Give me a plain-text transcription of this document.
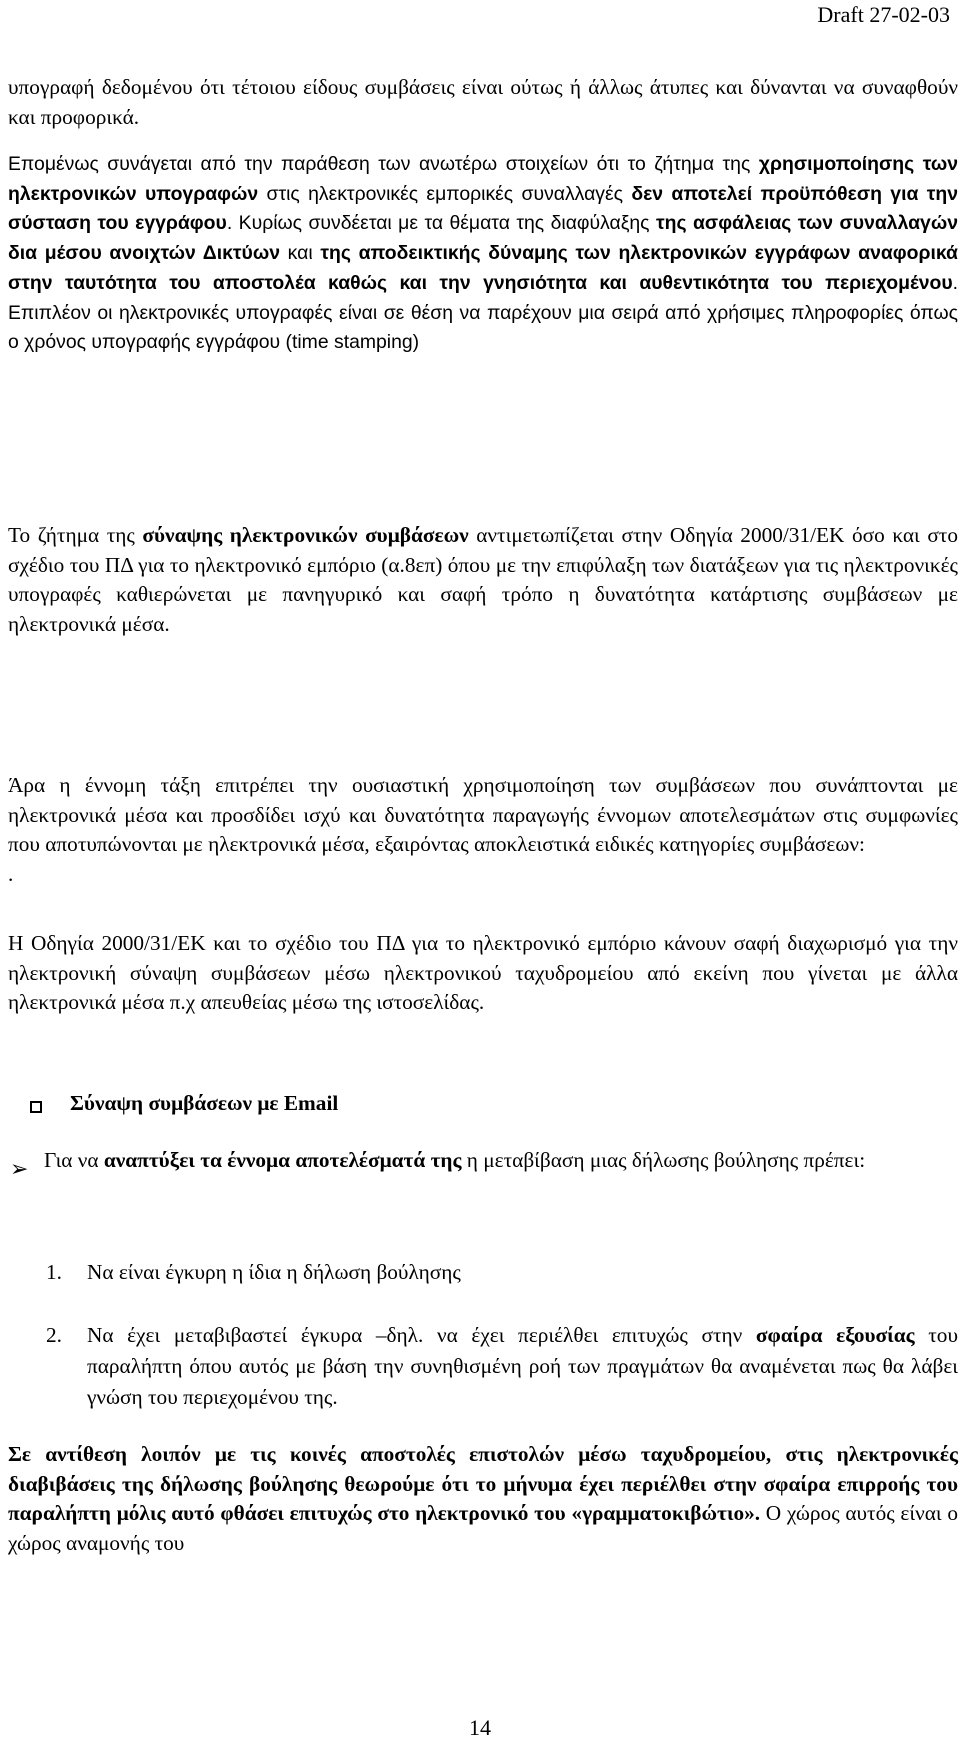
Draft 27-02-03

υπογραφή δεδομένου ότι τέτοιου είδους συμβάσεις είναι ούτως ή άλλως άτυπες και δύνανται να συναφθούν και προφορικά.

Επομένως συνάγεται από την παράθεση των ανωτέρω στοιχείων ότι το ζήτημα της χρησιμοποίησης των ηλεκτρονικών υπογραφών στις ηλεκτρονικές εμπορικές συναλλαγές δεν αποτελεί προϋπόθεση για την σύσταση του εγγράφου. Κυρίως συνδέεται με τα θέματα της διαφύλαξης της ασφάλειας των συναλλαγών δια μέσου ανοιχτών Δικτύων και της αποδεικτικής δύναμης των ηλεκτρονικών εγγράφων αναφορικά στην ταυτότητα του αποστολέα καθώς και την γνησιότητα και αυθεντικότητα του περιεχομένου. Επιπλέον οι ηλεκτρονικές υπογραφές είναι σε θέση να παρέχουν μια σειρά από χρήσιμες πληροφορίες όπως ο χρόνος υπογραφής εγγράφου (time stamping)

Το ζήτημα της σύναψης ηλεκτρονικών συμβάσεων αντιμετωπίζεται στην Οδηγία 2000/31/ΕΚ όσο και στο σχέδιο του ΠΔ για το ηλεκτρονικό εμπόριο (α.8επ) όπου με την επιφύλαξη των διατάξεων για τις ηλεκτρονικές υπογραφές καθιερώνεται με πανηγυρικό και σαφή τρόπο η δυνατότητα κατάρτισης συμβάσεων με ηλεκτρονικά μέσα.

Άρα η έννομη τάξη επιτρέπει την ουσιαστική χρησιμοποίηση των συμβάσεων που συνάπτονται με ηλεκτρονικά μέσα και προσδίδει ισχύ και δυνατότητα παραγωγής έννομων αποτελεσμάτων στις συμφωνίες που αποτυπώνονται με ηλεκτρονικά μέσα, εξαιρόντας αποκλειστικά ειδικές κατηγορίες συμβάσεων:
.

Η Οδηγία 2000/31/ΕΚ και το σχέδιο του ΠΔ για το ηλεκτρονικό εμπόριο κάνουν σαφή διαχωρισμό για την ηλεκτρονική σύναψη συμβάσεων μέσω ηλεκτρονικού ταχυδρομείου από εκείνη που γίνεται με άλλα ηλεκτρονικά μέσα π.χ απευθείας μέσω της ιστοσελίδας.

Σύναψη συμβάσεων με Email
➢ Για να αναπτύξει τα έννομα αποτελέσματά της η μεταβίβαση μιας δήλωσης βούλησης πρέπει:

1.	Να είναι έγκυρη η ίδια η δήλωση βούλησης
2.	Να έχει μεταβιβαστεί έγκυρα –δηλ. να έχει περιέλθει επιτυχώς στην σφαίρα εξουσίας του παραλήπτη όπου αυτός με βάση την συνηθισμένη ροή των πραγμάτων θα αναμένεται πως θα λάβει γνώση του περιεχομένου της.

Σε αντίθεση λοιπόν με τις κοινές αποστολές επιστολών μέσω ταχυδρομείου, στις ηλεκτρονικές διαβιβάσεις της δήλωσης βούλησης θεωρούμε ότι το μήνυμα έχει περιέλθει στην σφαίρα επιρροής του παραλήπτη μόλις αυτό φθάσει επιτυχώς στο ηλεκτρονικό του «γραμματοκιβώτιο». Ο χώρος αυτός είναι ο χώρος αναμονής του

14
